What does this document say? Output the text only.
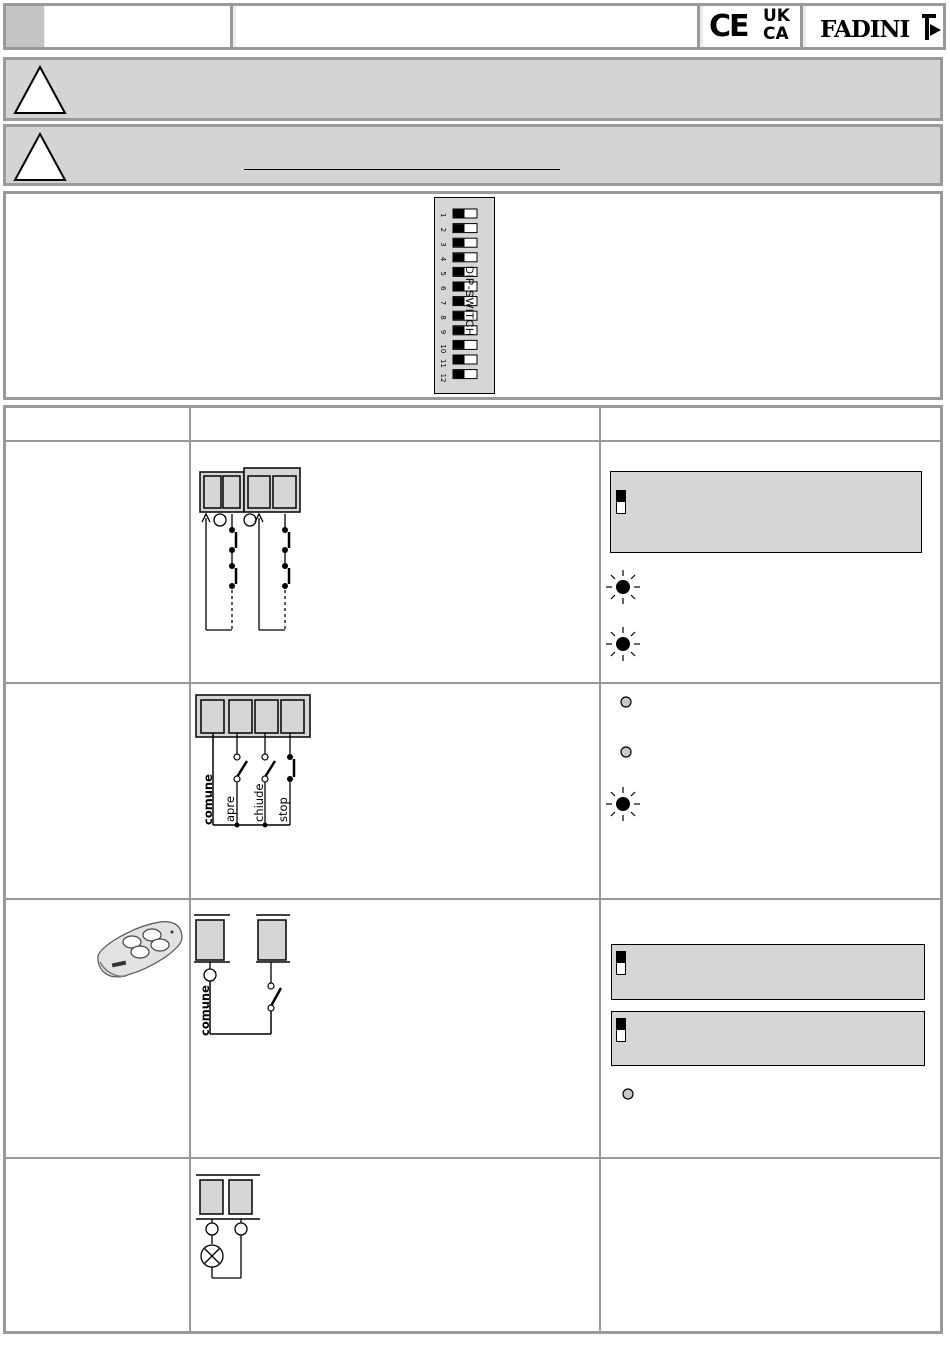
CE UK
CA FADINI
1
2
3
4
5
6
7
8
9
10
11
12
DIP-SWITCH
comune apre chiude stop
comune
